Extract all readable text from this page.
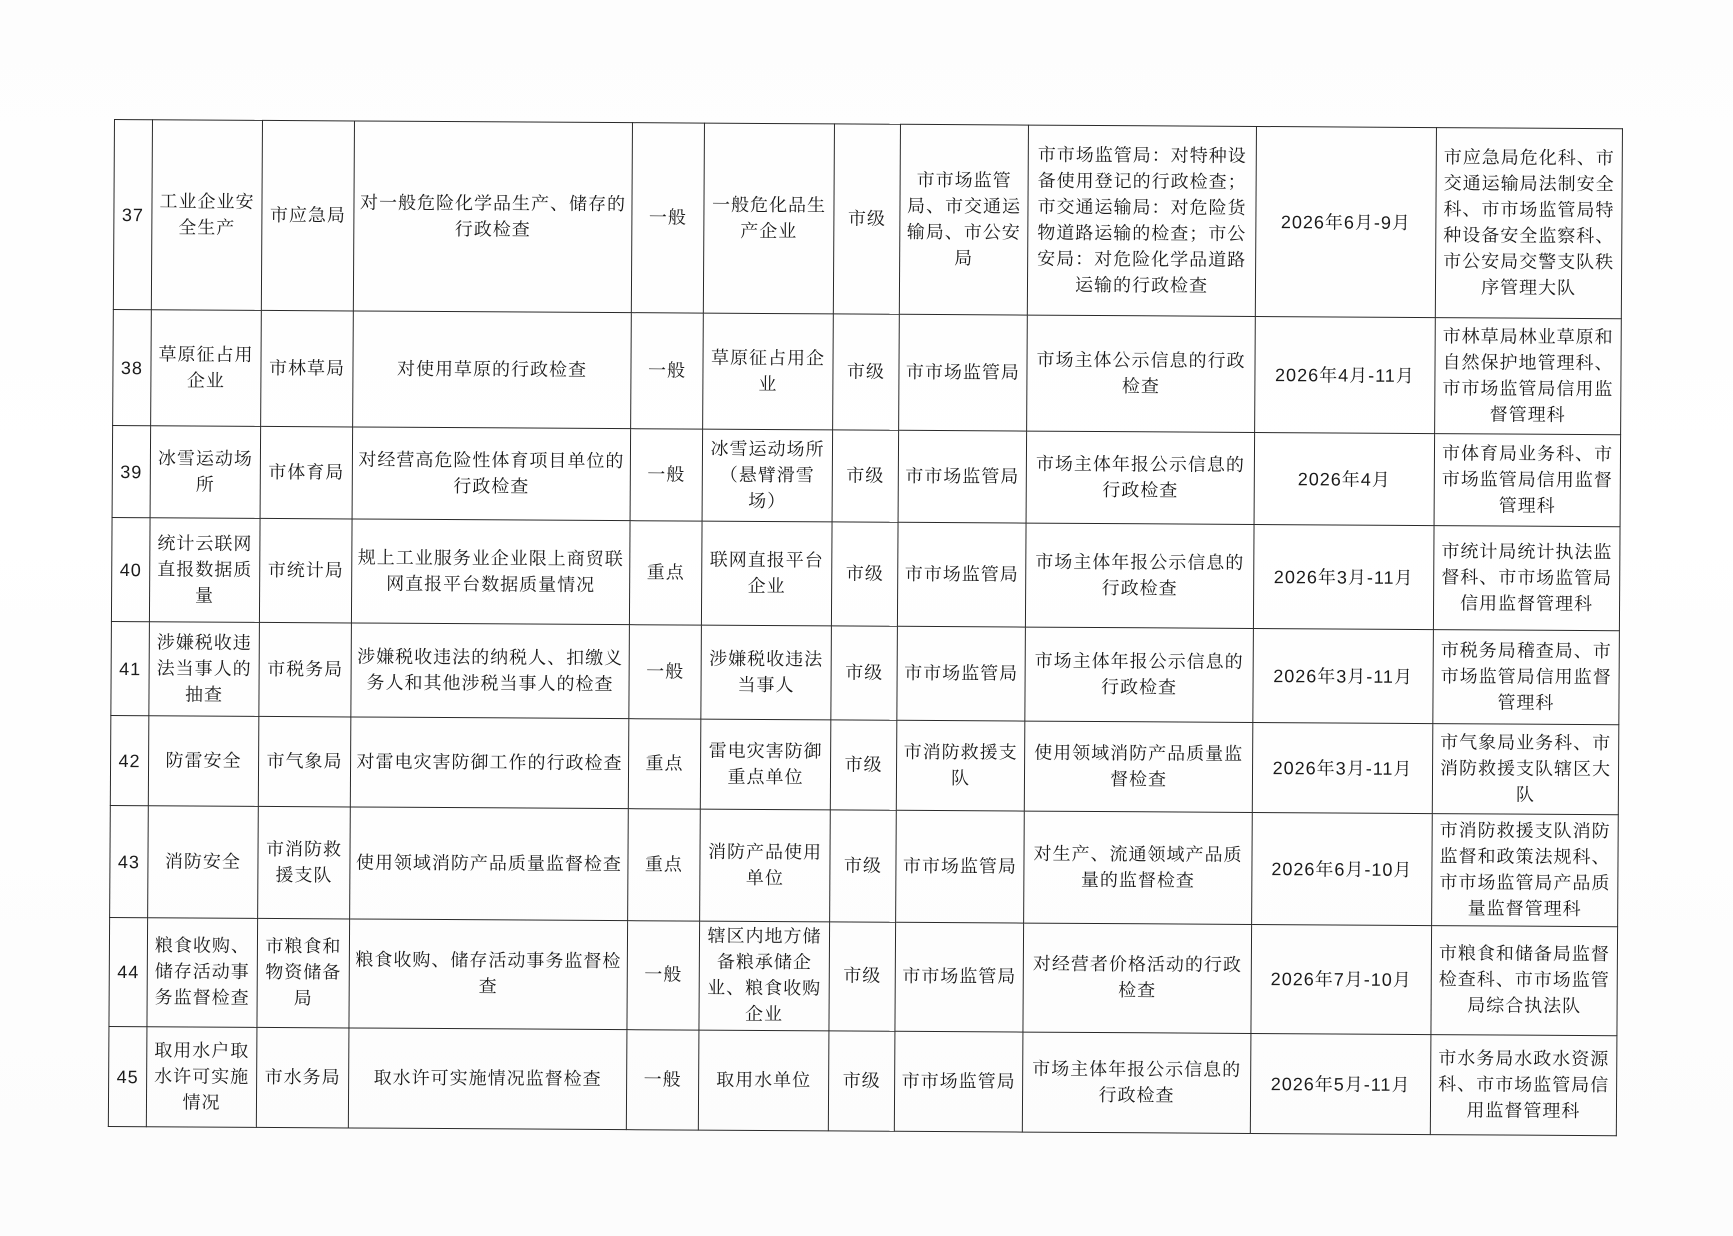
37	工业企业安全生产	市应急局	对一般危险化学品生产、储存的行政检查	一般	一般危化品生产企业	市级	市市场监管局、市交通运输局、市公安局	市市场监管局：对特种设备使用登记的行政检查；市交通运输局：对危险货物道路运输的检查；市公安局：对危险化学品道路运输的行政检查	2026年6月-9月	市应急局危化科、市交通运输局法制安全科、市市场监管局特种设备安全监察科、市公安局交警支队秩序管理大队
38	草原征占用企业	市林草局	对使用草原的行政检查	一般	草原征占用企业	市级	市市场监管局	市场主体公示信息的行政检查	2026年4月-11月	市林草局林业草原和自然保护地管理科、市市场监管局信用监督管理科
39	冰雪运动场所	市体育局	对经营高危险性体育项目单位的行政检查	一般	冰雪运动场所（悬臂滑雪场）	市级	市市场监管局	市场主体年报公示信息的行政检查	2026年4月	市体育局业务科、市市场监管局信用监督管理科
40	统计云联网直报数据质量	市统计局	规上工业服务业企业限上商贸联网直报平台数据质量情况	重点	联网直报平台企业	市级	市市场监管局	市场主体年报公示信息的行政检查	2026年3月-11月	市统计局统计执法监督科、市市场监管局信用监督管理科
41	涉嫌税收违法当事人的抽查	市税务局	涉嫌税收违法的纳税人、扣缴义务人和其他涉税当事人的检查	一般	涉嫌税收违法当事人	市级	市市场监管局	市场主体年报公示信息的行政检查	2026年3月-11月	市税务局稽查局、市市场监管局信用监督管理科
42	防雷安全	市气象局	对雷电灾害防御工作的行政检查	重点	雷电灾害防御重点单位	市级	市消防救援支队	使用领域消防产品质量监督检查	2026年3月-11月	市气象局业务科、市消防救援支队辖区大队
43	消防安全	市消防救援支队	使用领域消防产品质量监督检查	重点	消防产品使用单位	市级	市市场监管局	对生产、流通领域产品质量的监督检查	2026年6月-10月	市消防救援支队消防监督和政策法规科、市市场监管局产品质量监督管理科
44	粮食收购、储存活动事务监督检查	市粮食和物资储备局	粮食收购、储存活动事务监督检查	一般	辖区内地方储备粮承储企业、粮食收购企业	市级	市市场监管局	对经营者价格活动的行政检查	2026年7月-10月	市粮食和储备局监督检查科、市市场监管局综合执法队
45	取用水户取水许可实施情况	市水务局	取水许可实施情况监督检查	一般	取用水单位	市级	市市场监管局	市场主体年报公示信息的行政检查	2026年5月-11月	市水务局水政水资源科、市市场监管局信用监督管理科
